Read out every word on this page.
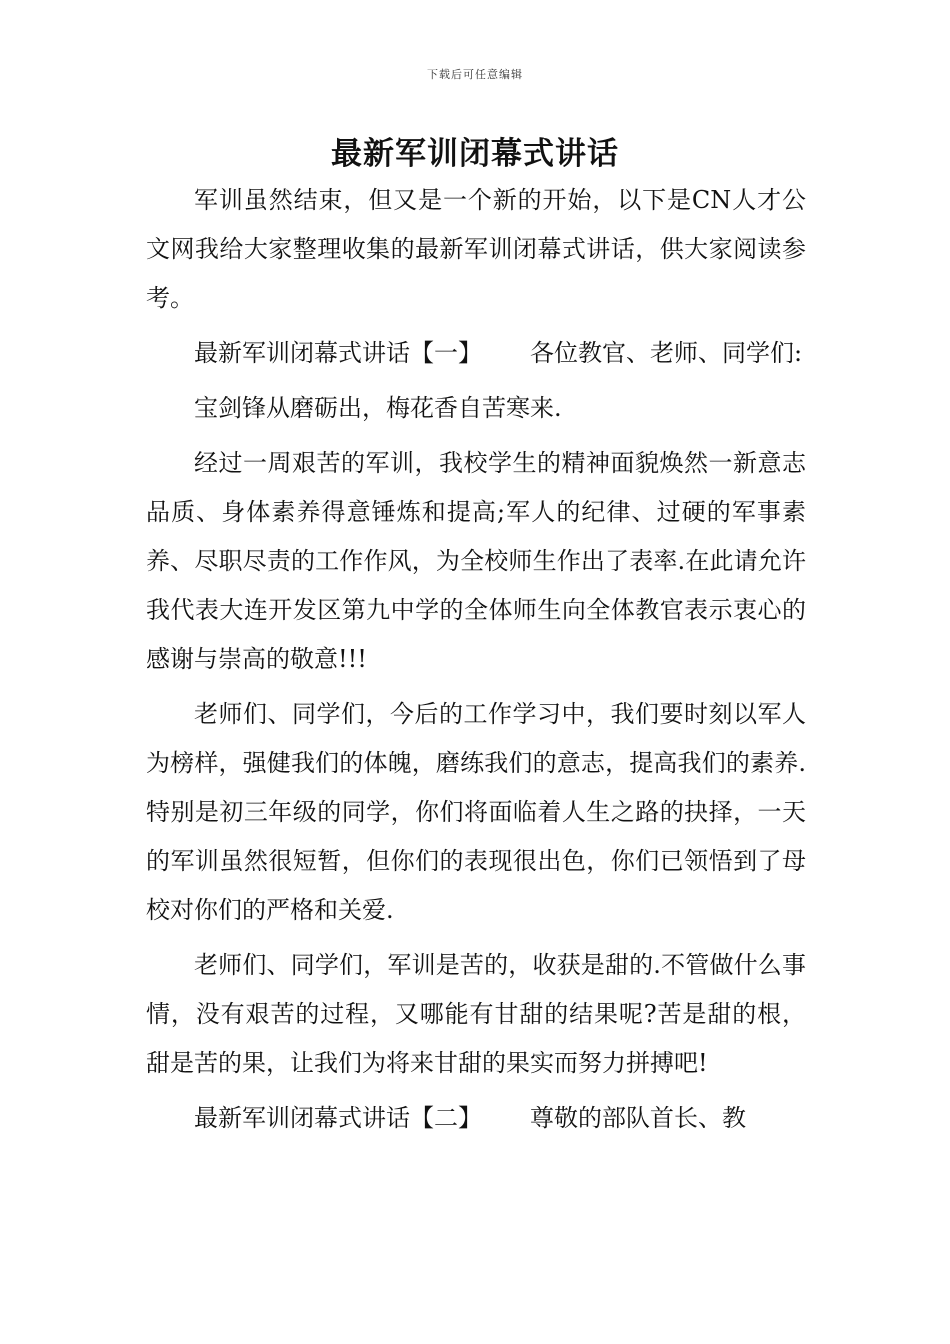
下载后可任意编辑
最新军训闭幕式讲话

军训虽然结束，但又是一个新的开始，以下是CN人才公文网我给大家整理收集的最新军训闭幕式讲话，供大家阅读参考。

最新军训闭幕式讲话【一】 各位教官、老师、同学们:

宝剑锋从磨砺出，梅花香自苦寒来.

经过一周艰苦的军训，我校学生的精神面貌焕然一新意志品质、身体素养得意锤炼和提高;军人的纪律、过硬的军事素养、尽职尽责的工作作风，为全校师生作出了表率.在此请允许我代表大连开发区第九中学的全体师生向全体教官表示衷心的感谢与崇高的敬意!!!

老师们、同学们，今后的工作学习中，我们要时刻以军人为榜样，强健我们的体魄，磨练我们的意志，提高我们的素养.特别是初三年级的同学，你们将面临着人生之路的抉择，一天的军训虽然很短暂，但你们的表现很出色，你们已领悟到了母校对你们的严格和关爱.

老师们、同学们，军训是苦的，收获是甜的.不管做什么事情，没有艰苦的过程，又哪能有甘甜的结果呢?苦是甜的根，甜是苦的果，让我们为将来甘甜的果实而努力拼搏吧!

最新军训闭幕式讲话【二】 尊敬的部队首长、教
